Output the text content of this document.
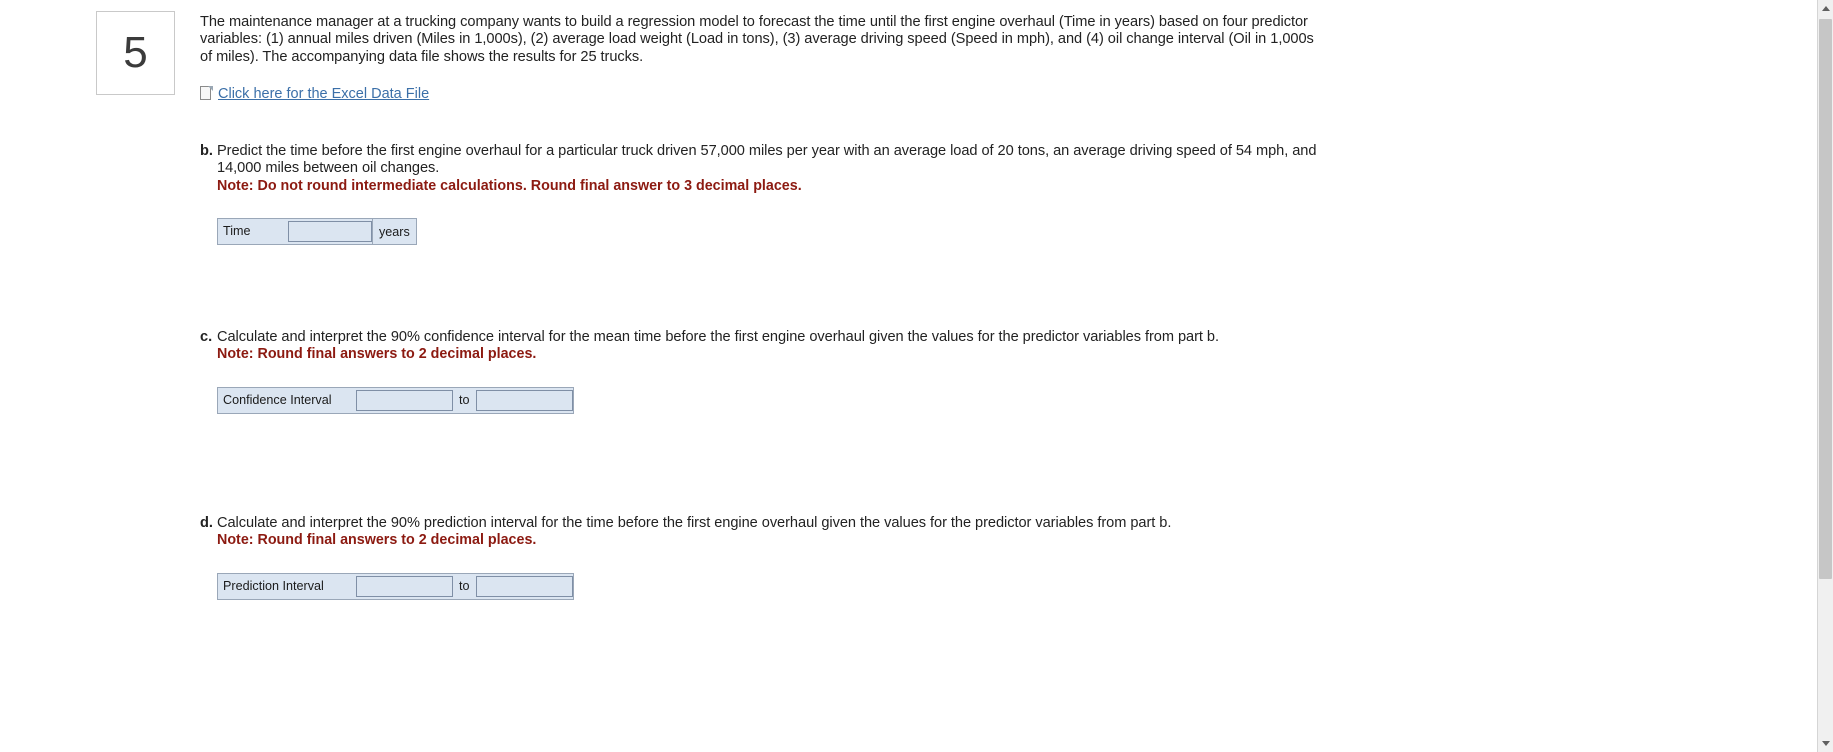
5

The maintenance manager at a trucking company wants to build a regression model to forecast the time until the first engine overhaul (Time in years) based on four predictor variables: (1) annual miles driven (Miles in 1,000s), (2) average load weight (Load in tons), (3) average driving speed (Speed in mph), and (4) oil change interval (Oil in 1,000s of miles). The accompanying data file shows the results for 25 trucks.

Click here for the Excel Data File
b. Predict the time before the first engine overhaul for a particular truck driven 57,000 miles per year with an average load of 20 tons, an average driving speed of 54 mph, and 14,000 miles between oil changes.
Note: Do not round intermediate calculations. Round final answer to 3 decimal places.
Time	years
c. Calculate and interpret the 90% confidence interval for the mean time before the first engine overhaul given the values for the predictor variables from part b.
Note: Round final answers to 2 decimal places.
Confidence Interval	to
d. Calculate and interpret the 90% prediction interval for the time before the first engine overhaul given the values for the predictor variables from part b.
Note: Round final answers to 2 decimal places.
Prediction Interval	to
